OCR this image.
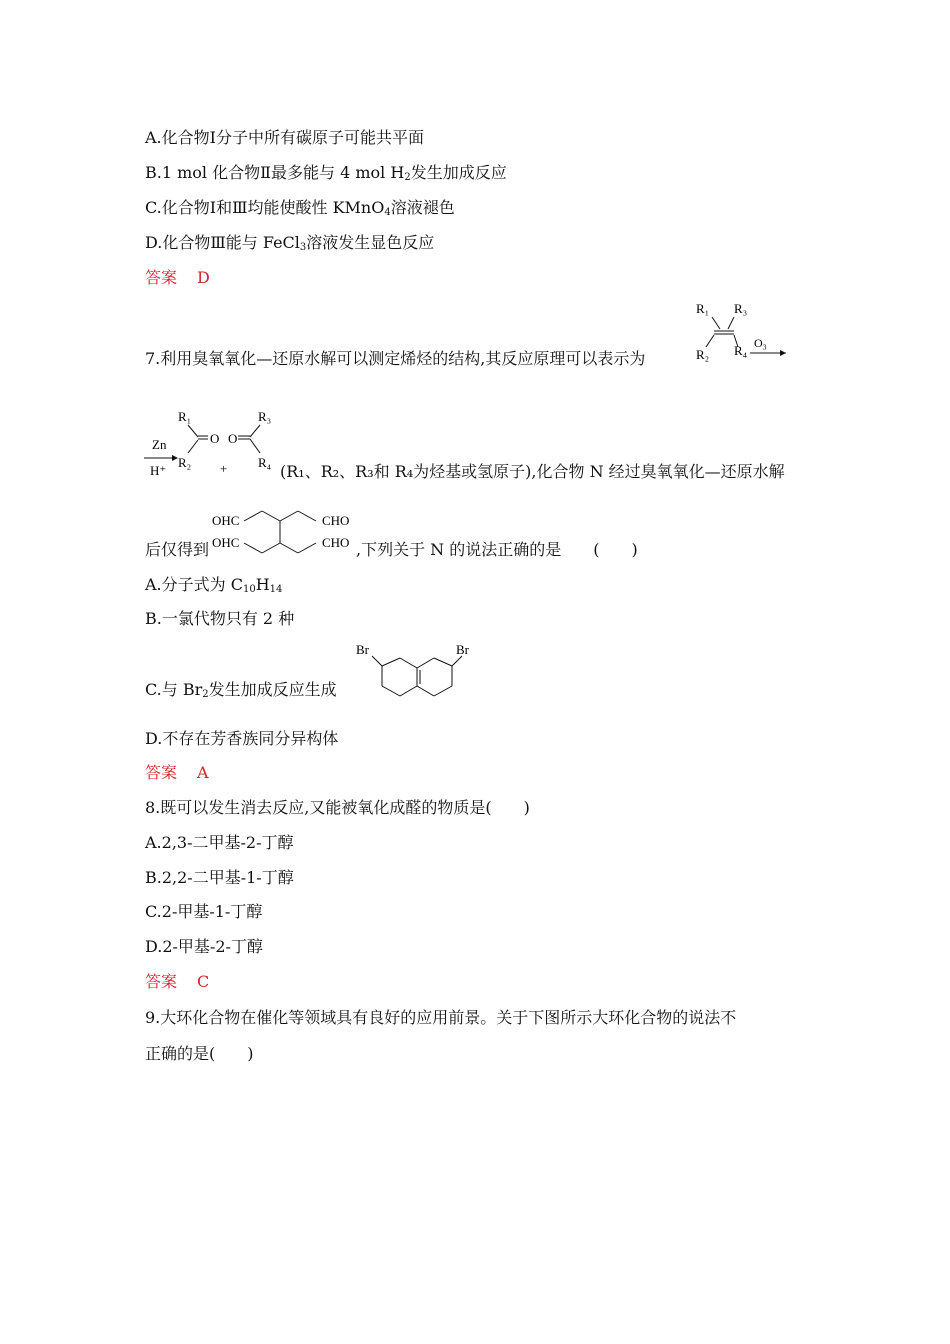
A.化合物Ⅰ分子中所有碳原子可能共平面
B.1 mol 化合物Ⅱ最多能与 4 mol $H_2$发生加成反应
C.化合物Ⅰ和Ⅲ均能使酸性 KMnO$_4$溶液褪色
D.化合物Ⅲ能与 FeCl$_3$溶液发生显色反应
答案 D
7.利用臭氧氧化—还原水解可以测定烯烃的结构,其反应原理可以表示为
R₁ R₃
R₂ R₄ O₃
Zn
H⁺
R₁
O
R₂ +
O
R₃
R₄ (R₁、R₂、R₃和 R₄为烃基或氢原子),化合物 N 经过臭氧氧化—还原水解
后仅得到
OHC
OHC
CHO
CHO ,下列关于 N 的说法正确的是　　(　　)
A.分子式为 $C_{10}H_{14}$
B.一氯代物只有 2 种
C.与 $Br_2$发生加成反应生成
Br	Br
D.不存在芳香族同分异构体
答案 A
8.既可以发生消去反应,又能被氧化成醛的物质是(　　)
A.2,3-二甲基-2-丁醇
B.2,2-二甲基-1-丁醇
C.2-甲基-1-丁醇
D.2-甲基-2-丁醇
答案 C
9.大环化合物在催化等领域具有良好的应用前景。关于下图所示大环化合物的说法不
正确的是(　　)
